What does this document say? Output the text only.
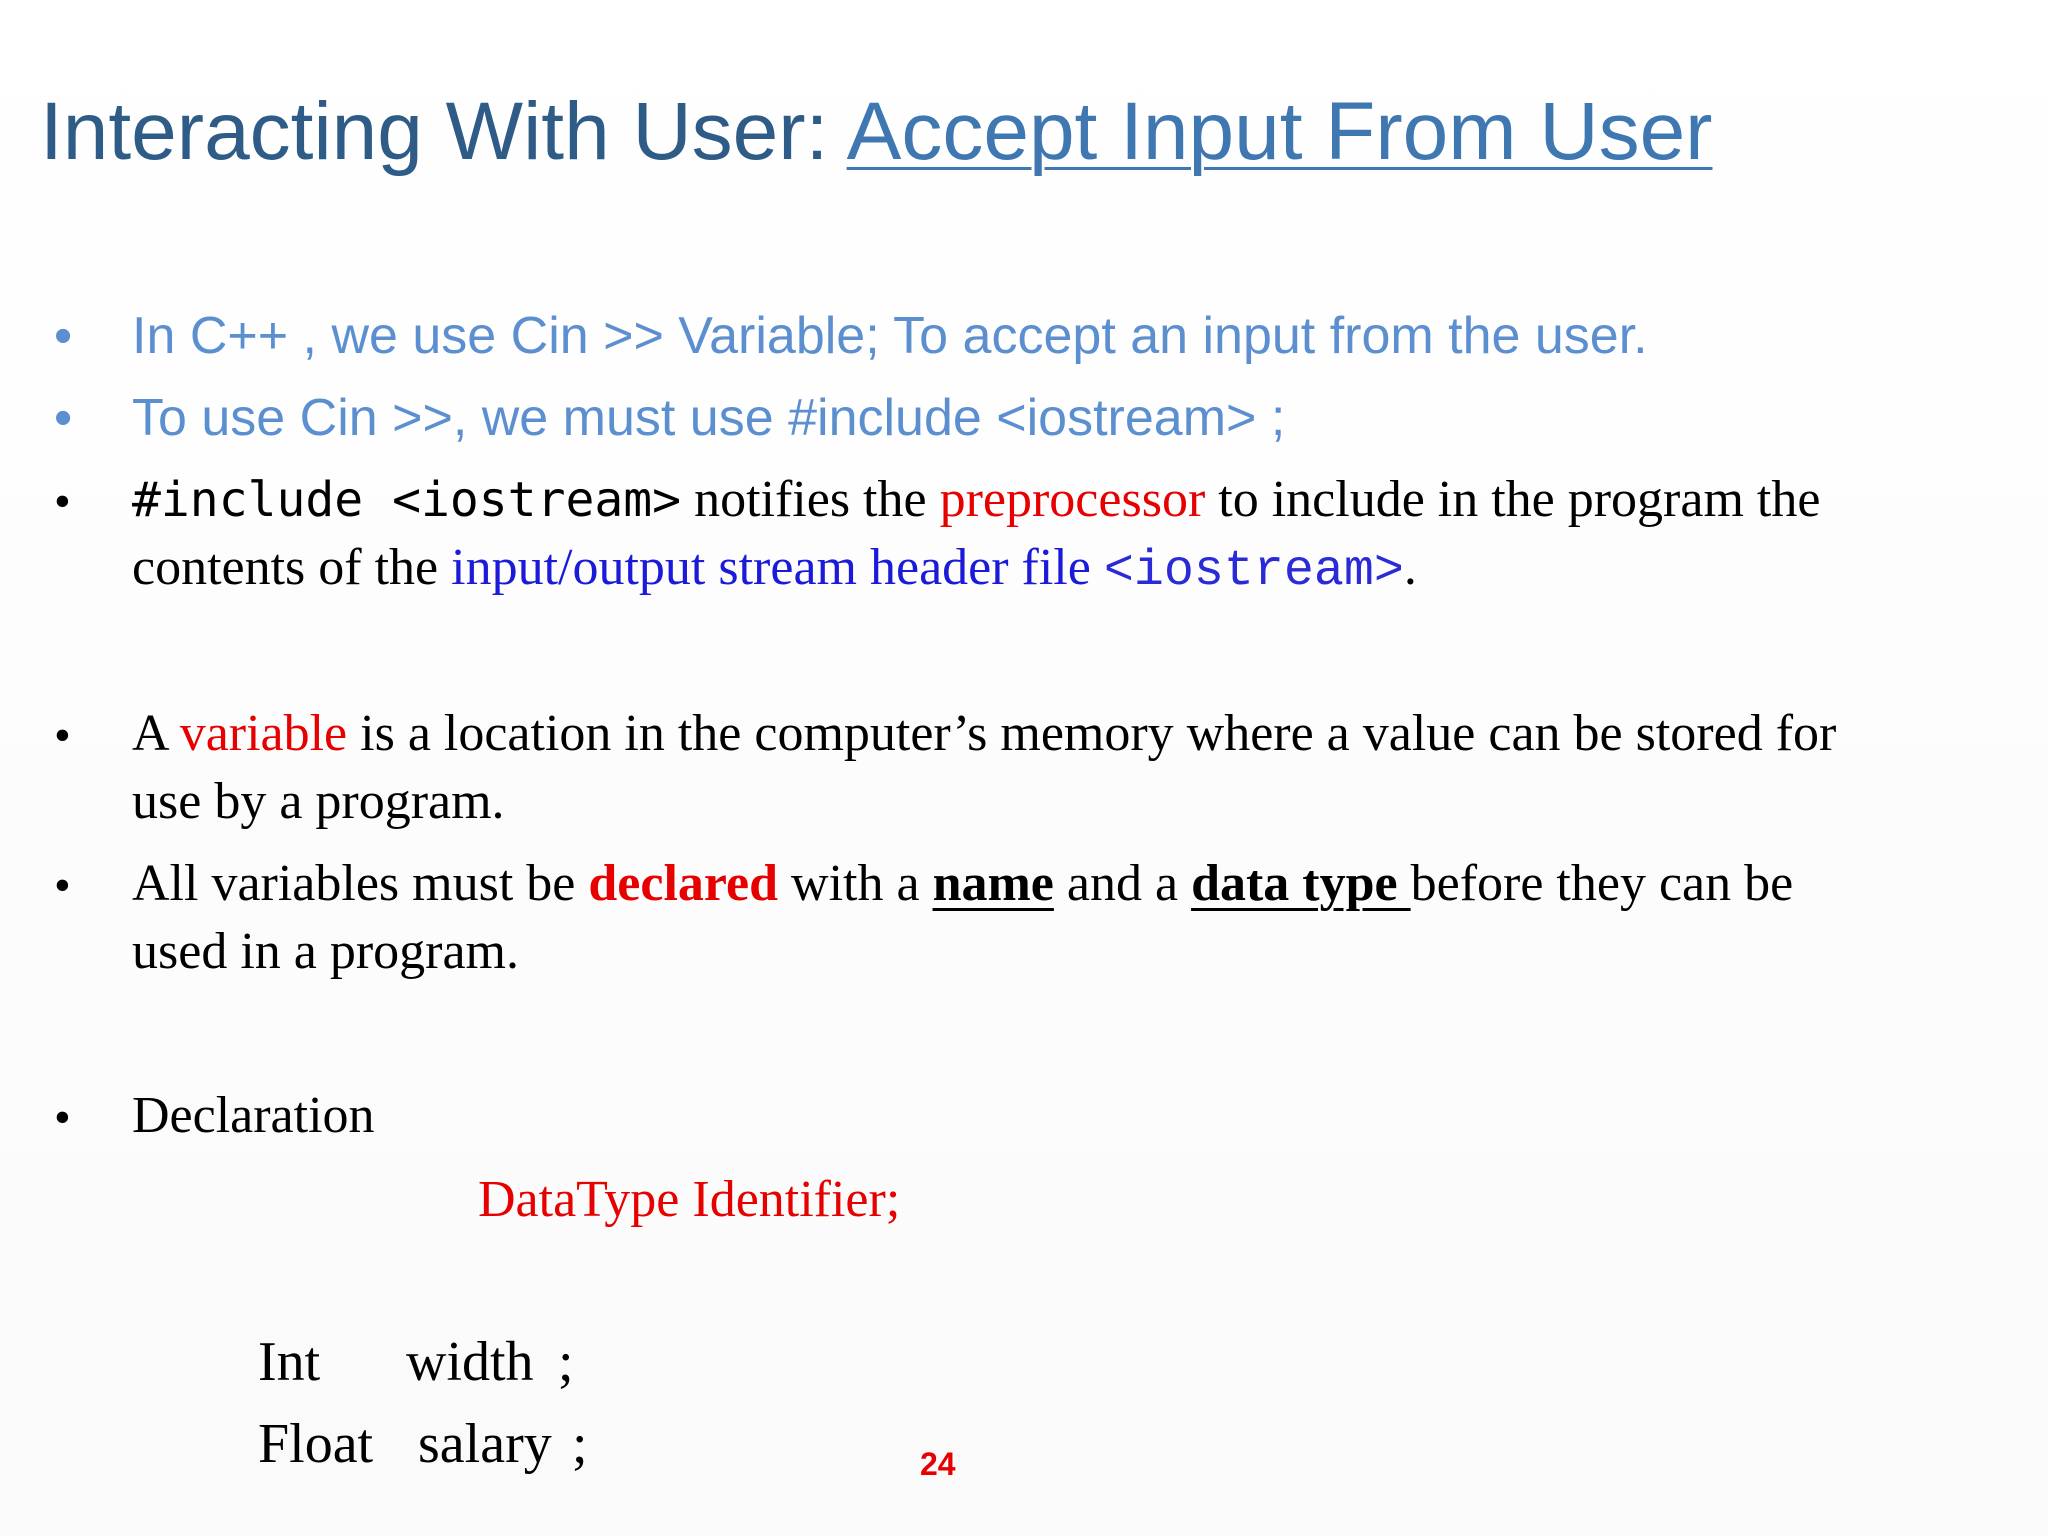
Interacting With User: Accept Input From User
• In C++ , we use Cin >> Variable; To accept an input from the user.
• To use Cin >>, we must use #include <iostream> ;
• #include <iostream> notifies the preprocessor to include in the program the
contents of the input/output stream header file <iostream>.
• A variable is a location in the computer’s memory where a value can be stored for
use by a program.
• All variables must be declared with a name and a data type before they can be
used in a program.
• Declaration
DataType Identifier;
Int width ;
Float salary ;	24
